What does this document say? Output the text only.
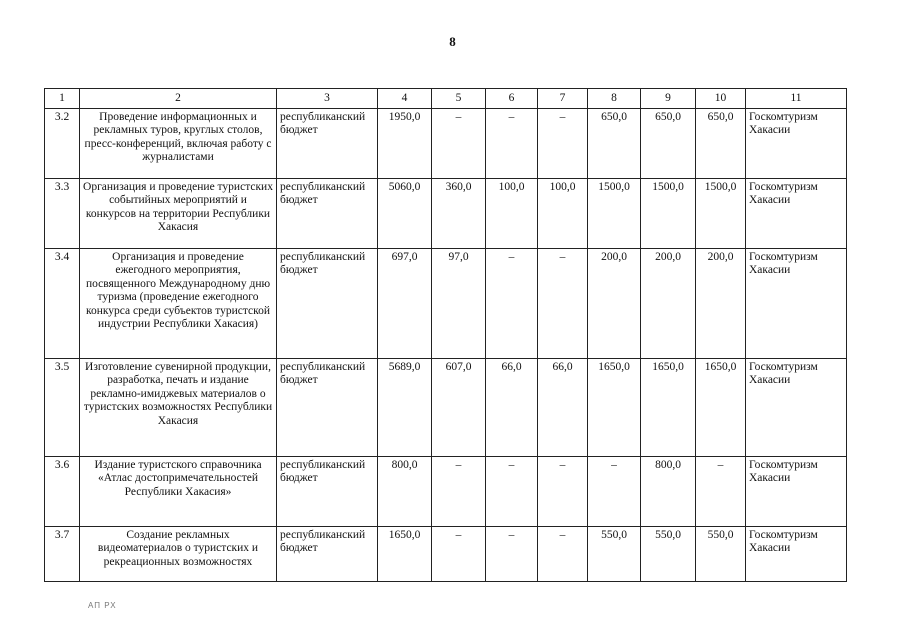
8
1	2	3	4	5	6	7	8	9	10	11
3.2	Проведение информационных и рекламных туров, круглых столов, пресс-конференций, включая работу с журналистами	республиканский бюджет	1950,0	–	–	–	650,0	650,0	650,0	Госкомтуризм Хакасии
3.3	Организация и проведение туристских событийных мероприятий и конкурсов на территории Республики Хакасия	республиканский бюджет	5060,0	360,0	100,0	100,0	1500,0	1500,0	1500,0	Госкомтуризм Хакасии
3.4	Организация и проведение ежегодного мероприятия, посвященного Международному дню туризма (проведение ежегодного конкурса среди субъектов туристской индустрии Республики Хакасия)	республиканский бюджет	697,0	97,0	–	–	200,0	200,0	200,0	Госкомтуризм Хакасии
3.5	Изготовление сувенирной продукции, разработка, печать и издание рекламно-имиджевых материалов о туристских возможностях Республики Хакасия	республиканский бюджет	5689,0	607,0	66,0	66,0	1650,0	1650,0	1650,0	Госкомтуризм Хакасии
3.6	Издание туристского справочника «Атлас достопримечательностей Республики Хакасия»	республиканский бюджет	800,0	–	–	–	–	800,0	–	Госкомтуризм Хакасии
3.7	Создание рекламных видеоматериалов о туристских и рекреационных возможностях	республиканский бюджет	1650,0	–	–	–	550,0	550,0	550,0	Госкомтуризм Хакасии
АП РХ
